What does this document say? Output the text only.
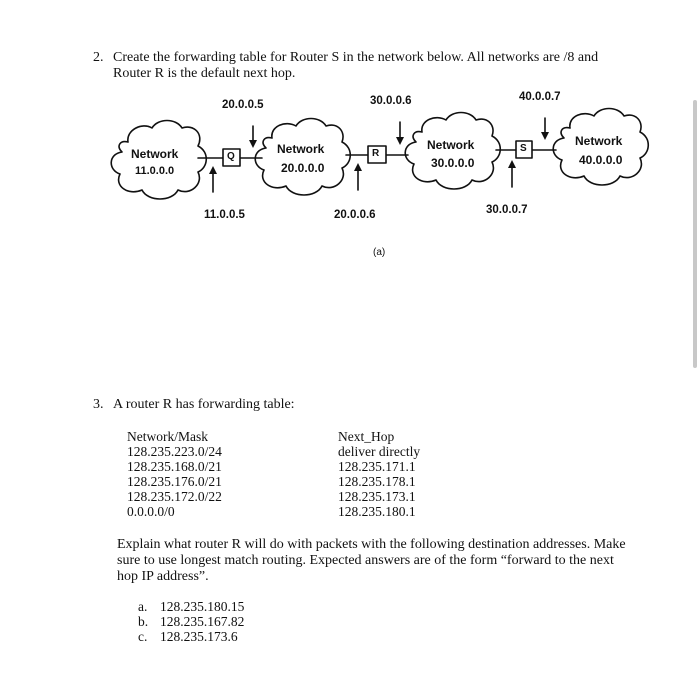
2. Create the forwarding table for Router S in the network below. All networks are /8 and
Router R is the default next hop.
Q	R	S
Network
11.0.0.0
Network
20.0.0.0
Network
30.0.0.0
Network
40.0.0.0
20.0.0.5
11.0.0.5
30.0.0.6
20.0.0.6
40.0.0.7
30.0.0.7
(a)
3. A router R has forwarding table:
Network/Mask
128.235.223.0/24
128.235.168.0/21
128.235.176.0/21
128.235.172.0/22
0.0.0.0/0
Next_Hop
deliver directly
128.235.171.1
128.235.178.1
128.235.173.1
128.235.180.1
Explain what router R will do with packets with the following destination addresses. Make
sure to use longest match routing. Expected answers are of the form “forward to the next
hop IP address”.
a.
b.
c.
128.235.180.15
128.235.167.82
128.235.173.6
